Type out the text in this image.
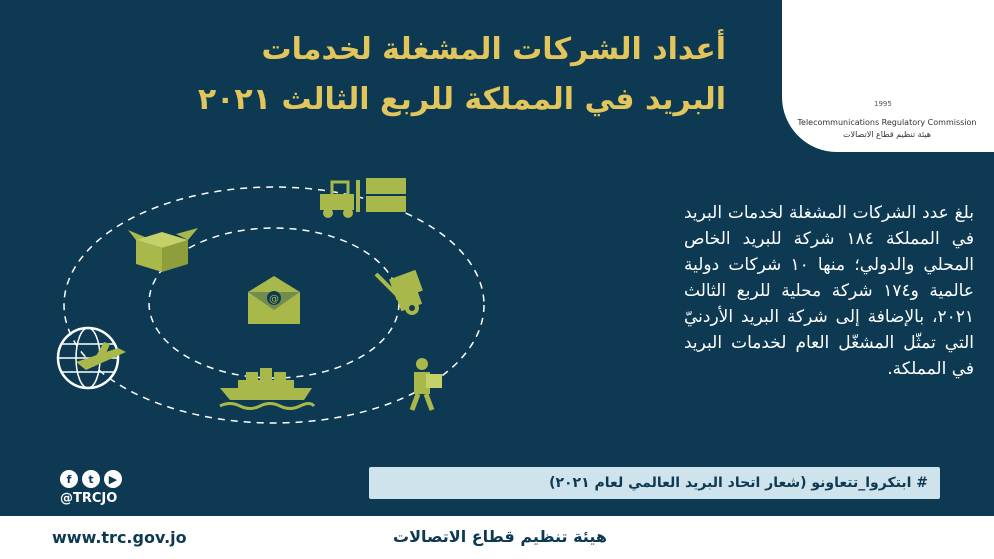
@
1995
Telecommunications Regulatory Commission
هيئة تنظيم قطاع الاتصالات
أعداد الشركات المشغلة لخدمات
البريد في المملكة للربع الثالث ٢٠٢١
بلغ عدد الشركات المشغلة لخدمات البريد في المملكة ١٨٤ شركة للبريد الخاص المحلي والدولي؛ منها ١٠ شركات دولية عالمية و١٧٤ شركة محلية للربع الثالث ٢٠٢١، بالإضافة إلى شركة البريد الأردنيّ التي تمثّل المشغّل العام لخدمات البريد في المملكة.
f	t	▶
@TRCJO
# ابتكروا_تتعاونو (شعار اتحاد البريد العالمي لعام ٢٠٢١)
www.trc.gov.jo	هيئة تنظيم قطاع الاتصالات
